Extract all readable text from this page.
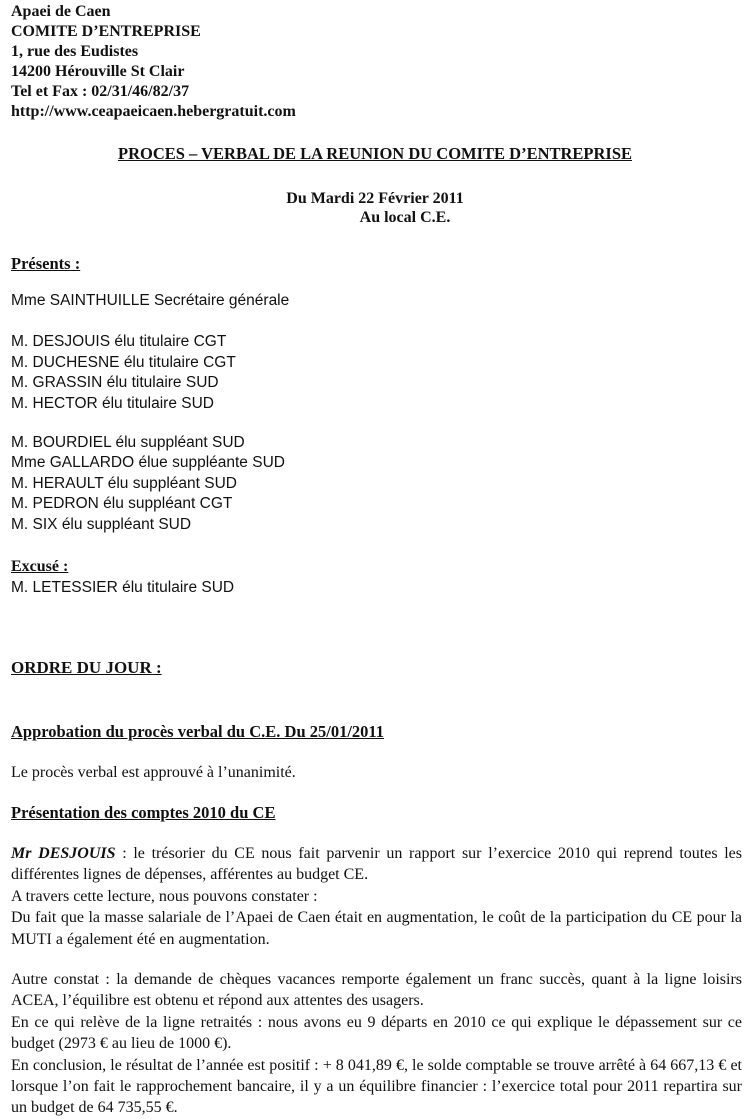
Apaei de Caen
COMITE D’ENTREPRISE
1, rue des Eudistes
14200 Hérouville St Clair
Tel et Fax : 02/31/46/82/37
http://www.ceapaeicaen.hebergratuit.com
PROCES – VERBAL DE LA REUNION DU COMITE D’ENTREPRISE
Du Mardi 22 Février 2011
Au local C.E.
Présents :
Mme SAINTHUILLE Secrétaire générale
M. DESJOUIS élu titulaire CGT
M. DUCHESNE élu titulaire CGT
M. GRASSIN élu titulaire SUD
M. HECTOR élu titulaire SUD
M. BOURDIEL élu suppléant SUD
Mme GALLARDO élue suppléante SUD
M. HERAULT élu suppléant SUD
M. PEDRON élu suppléant CGT
M. SIX élu suppléant SUD
Excusé :
M. LETESSIER élu titulaire SUD
ORDRE DU JOUR :
Approbation du procès verbal du C.E. Du 25/01/2011
Le procès verbal est approuvé à l’unanimité.
Présentation des comptes 2010 du CE

Mr DESJOUIS : le trésorier du CE nous fait parvenir un rapport sur l’exercice 2010 qui reprend toutes les différentes lignes de dépenses, afférentes au budget CE.

A travers cette lecture, nous pouvons constater :

Du fait que la masse salariale de l’Apaei de Caen était en augmentation, le coût de la participation du CE pour la MUTI a également été en augmentation.

Autre constat : la demande de chèques vacances remporte également un franc succès, quant à la ligne loisirs ACEA, l’équilibre est obtenu et répond aux attentes des usagers.

En ce qui relève de la ligne retraités : nous avons eu 9 départs en 2010 ce qui explique le dépassement sur ce budget (2973 € au lieu de 1000 €).

En conclusion, le résultat de l’année est positif : + 8 041,89 €, le solde comptable se trouve arrêté à 64 667,13 € et lorsque l’on fait le rapprochement bancaire, il y a un équilibre financier : l’exercice total pour 2011 repartira sur un budget de 64 735,55 €.
